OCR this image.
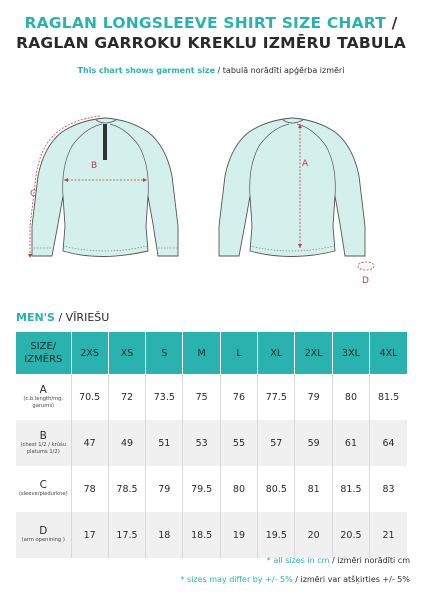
RAGLAN LONGSLEEVE SHIRT SIZE CHART /
RAGLAN GARROKU KREKLU IZMĒRU TABULA
This chart shows garment size / tabulā norādīti apģērba izmēri
B
C
A
D
MEN'S / VĪRIEŠU
SIZE/
IZMĒRS	2XS	XS	S	M	L	XL	2XL	3XL	4XL
A
(c.b.length/mg.
garums)	70.5	72	73.5	75	76	77.5	79	80	81.5
B
(chest 1/2 / krūšu
platums 1/2)	47	49	51	53	55	57	59	61	64
C
(sleeve/piedurkne)	78	78.5	79	79.5	80	80.5	81	81.5	83
D
(arm openining )	17	17.5	18	18.5	19	19.5	20	20.5	21
* all sizes in cm / izmēri norādīti cm
* sizes may differ by +/- 5% / izmēri var atšķirties +/- 5%
